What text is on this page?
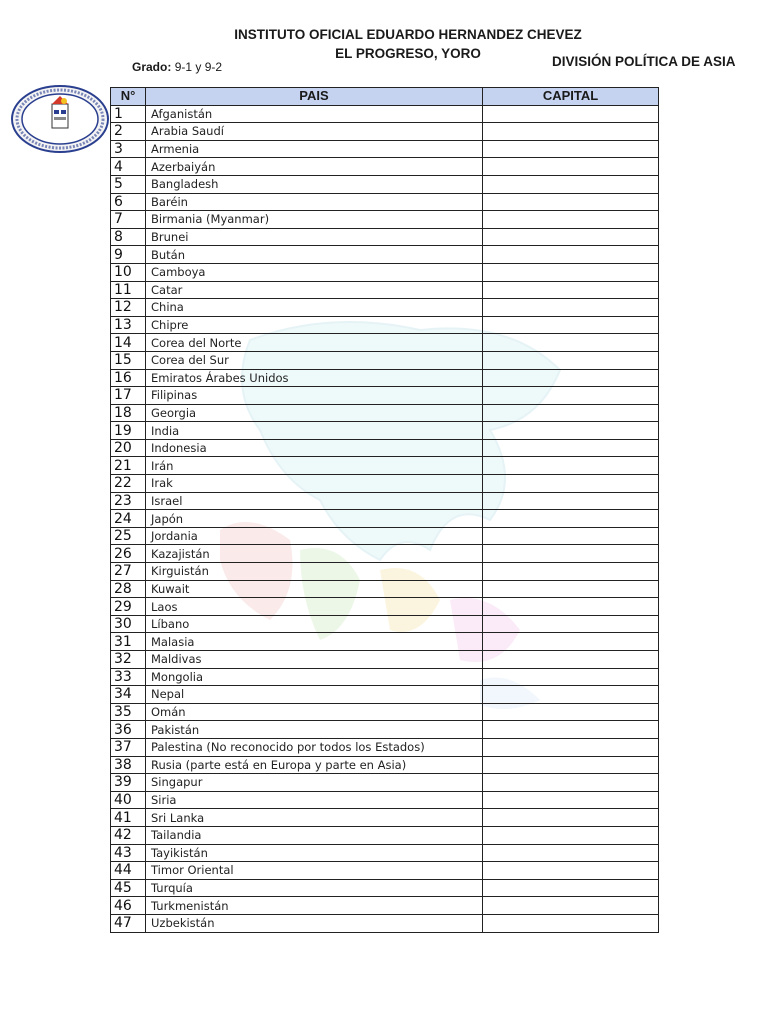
INSTITUTO OFICIAL EDUARDO HERNANDEZ CHEVEZ
EL PROGRESO, YORO
DIVISIÓN POLÍTICA DE ASIA
Grado: 9-1 y 9-2
N°	PAIS	CAPITAL
1	Afganistán	
2	Arabia Saudí	
3	Armenia	
4	Azerbaiyán	
5	Bangladesh	
6	Baréin	
7	Birmania (Myanmar)	
8	Brunei	
9	Bután	
10	Camboya	
11	Catar	
12	China	
13	Chipre	
14	Corea del Norte	
15	Corea del Sur	
16	Emiratos Árabes Unidos	
17	Filipinas	
18	Georgia	
19	India	
20	Indonesia	
21	Irán	
22	Irak	
23	Israel	
24	Japón	
25	Jordania	
26	Kazajistán	
27	Kirguistán	
28	Kuwait	
29	Laos	
30	Líbano	
31	Malasia	
32	Maldivas	
33	Mongolia	
34	Nepal	
35	Omán	
36	Pakistán	
37	Palestina (No reconocido por todos los Estados)	
38	Rusia (parte está en Europa y parte en Asia)	
39	Singapur	
40	Siria	
41	Sri Lanka	
42	Tailandia	
43	Tayikistán	
44	Timor Oriental	
45	Turquía	
46	Turkmenistán	
47	Uzbekistán	
